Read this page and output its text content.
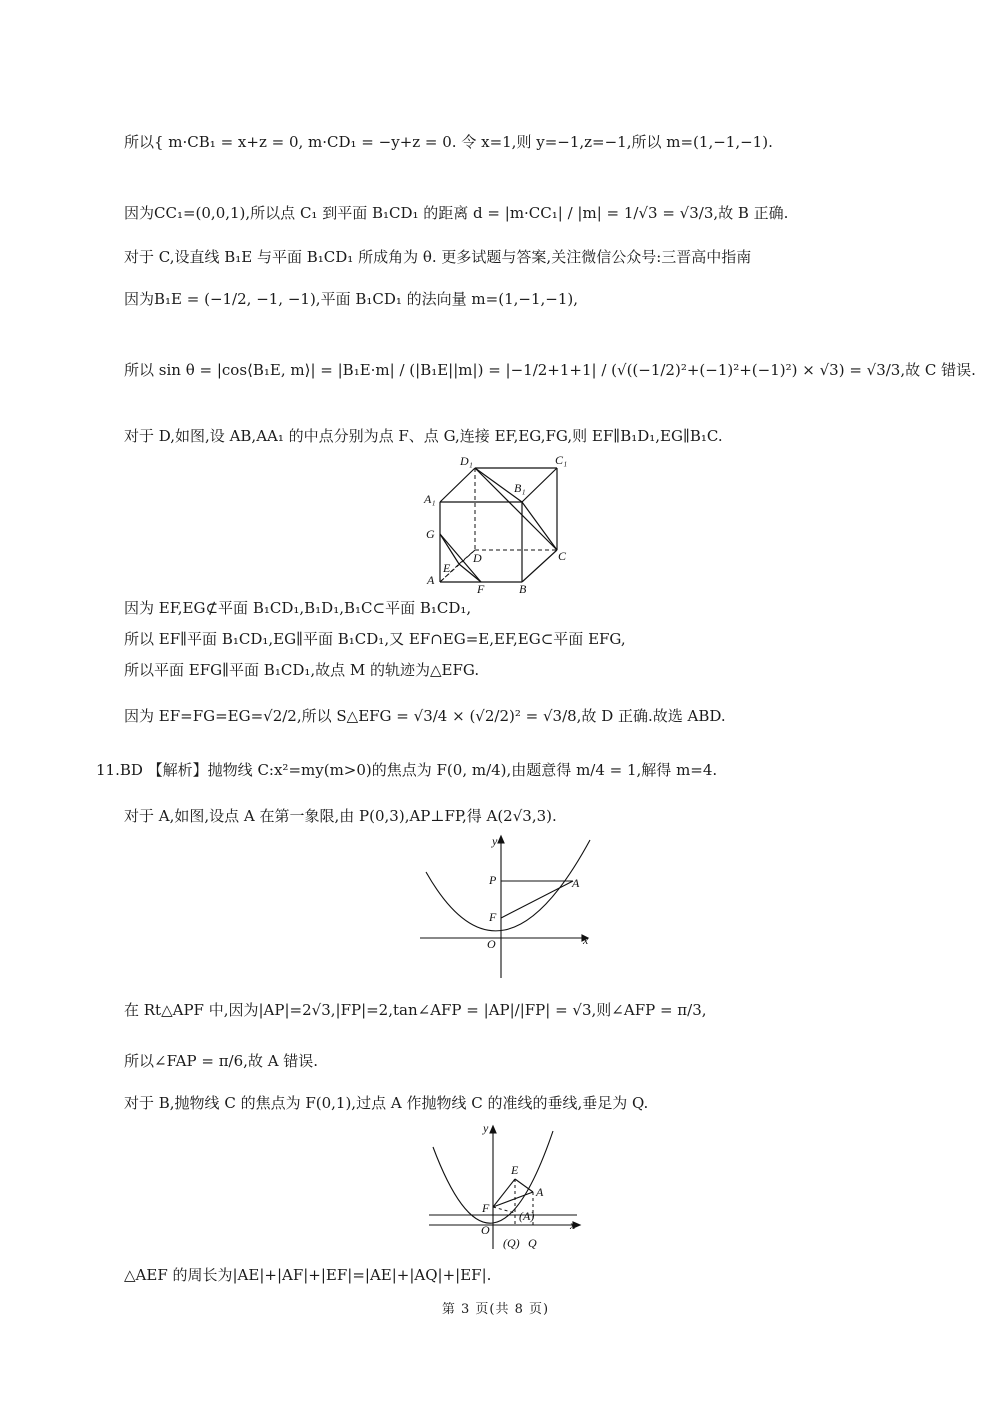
所以{ m·CB₁ = x+z = 0, m·CD₁ = −y+z = 0. 令 x=1,则 y=−1,z=−1,所以 m=(1,−1,−1).
因为CC₁=(0,0,1),所以点 C₁ 到平面 B₁CD₁ 的距离 d = |m·CC₁| / |m| = 1/√3 = √3/3,故 B 正确.
对于 C,设直线 B₁E 与平面 B₁CD₁ 所成角为 θ. 更多试题与答案,关注微信公众号:三晋高中指南
因为B₁E = (−1/2, −1, −1),平面 B₁CD₁ 的法向量 m=(1,−1,−1),
所以 sin θ = |cos⟨B₁E, m⟩| = |B₁E·m| / (|B₁E||m|) = |−1/2+1+1| / (√((−1/2)²+(−1)²+(−1)²) × √3) = √3/3,故 C 错误.
对于 D,如图,设 AB,AA₁ 的中点分别为点 F、点 G,连接 EF,EG,FG,则 EF∥B₁D₁,EG∥B₁C.
D₁	C₁
B₁
A₁
G
D	C
E
A
F	B
因为 EF,EG⊄平面 B₁CD₁,B₁D₁,B₁C⊂平面 B₁CD₁,
所以 EF∥平面 B₁CD₁,EG∥平面 B₁CD₁,又 EF∩EG=E,EF,EG⊂平面 EFG,
所以平面 EFG∥平面 B₁CD₁,故点 M 的轨迹为△EFG.
因为 EF=FG=EG=√2/2,所以 S△EFG = √3/4 × (√2/2)² = √3/8,故 D 正确.故选 ABD.
11.BD 【解析】抛物线 C:x²=my(m>0)的焦点为 F(0, m/4),由题意得 m/4 = 1,解得 m=4.
对于 A,如图,设点 A 在第一象限,由 P(0,3),AP⊥FP,得 A(2√3,3).
y
x
P	A
F
O
在 Rt△APF 中,因为|AP|=2√3,|FP|=2,tan∠AFP = |AP|/|FP| = √3,则∠AFP = π/3,
所以∠FAP = π/6,故 A 错误.
对于 B,抛物线 C 的焦点为 F(0,1),过点 A 作抛物线 C 的准线的垂线,垂足为 Q.
y
x
E
A
F
(A)
O
(Q) Q
△AEF 的周长为|AE|+|AF|+|EF|=|AE|+|AQ|+|EF|.
第 3 页(共 8 页)
